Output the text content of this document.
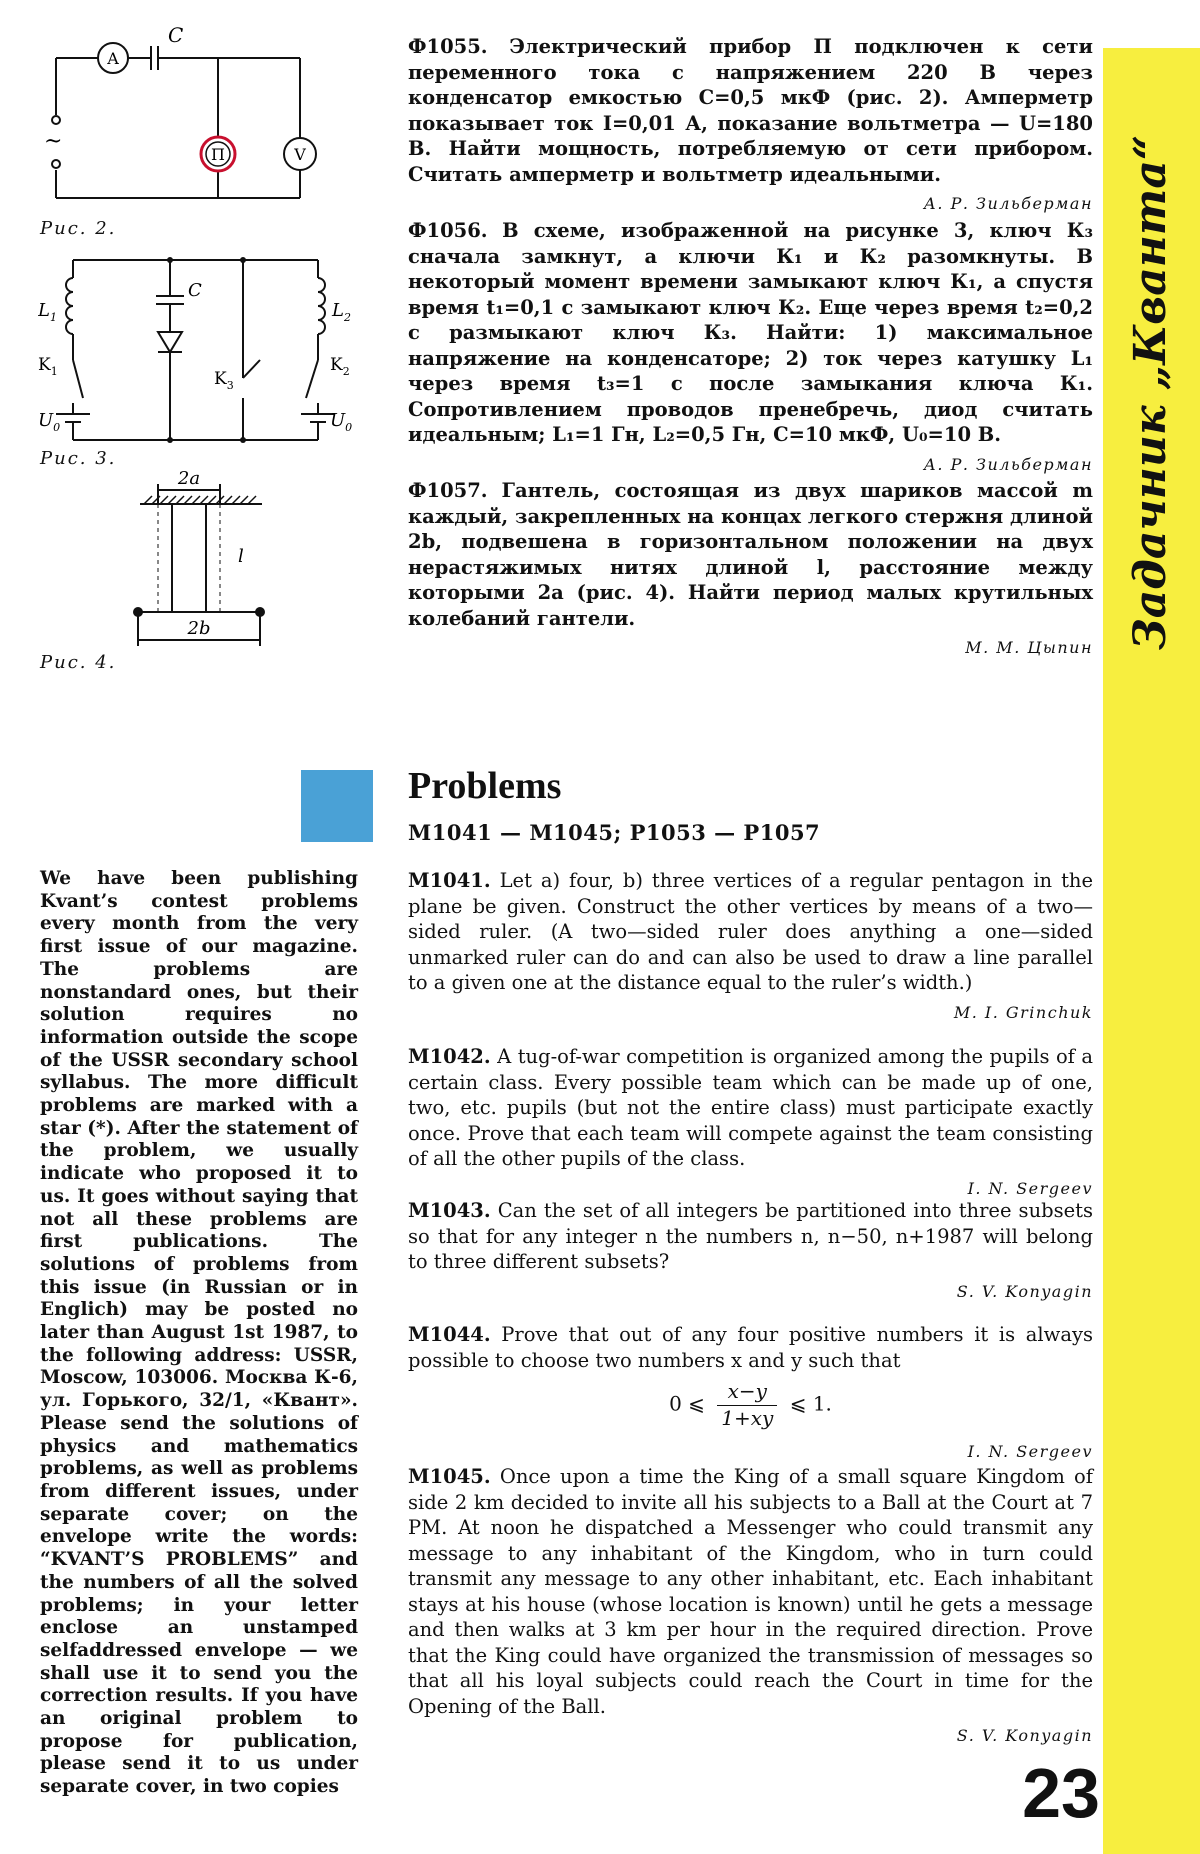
Задачник „Кванта“
23
A
C
П	V
~
Рис. 2.
$L_1$
C
$L_2$
$K_1$	$K_3$
$K_2$
$U_0$	$U_0$
Рис. 3.
2a
l
2b
Рис. 4.
Ф1055. Электрический прибор П подключен к сети переменного тока с напряжением 220 В через конденсатор емкостью C=0,5 мкФ (рис. 2). Амперметр показывает ток I=0,01 А, показание вольтметра — U=180 В. Найти мощность, потребляемую от сети прибором. Считать амперметр и вольтметр идеальными.
А. Р. Зильберман
Ф1056. В схеме, изображенной на рисунке 3, ключ К₃ сначала замкнут, а ключи К₁ и К₂ разомкнуты. В некоторый момент времени замыкают ключ К₁, а спустя время t₁=0,1 с замыкают ключ К₂. Еще через время t₂=0,2 с размыкают ключ К₃. Найти: 1) максимальное напряжение на конденсаторе; 2) ток через катушку L₁ через время t₃=1 с после замыкания ключа К₁. Сопротивлением проводов пренебречь, диод считать идеальным; L₁=1 Гн, L₂=0,5 Гн, C=10 мкФ, U₀=10 В.
А. Р. Зильберман
Ф1057. Гантель, состоящая из двух шариков массой m каждый, закрепленных на концах легкого стержня длиной 2b, подвешена в горизонтальном положении на двух нерастяжимых нитях длиной l, расстояние между которыми 2a (рис. 4). Найти период малых крутильных колебаний гантели.
М. М. Цыпин
Problems
M1041 — M1045; P1053 — P1057
We have been publishing Kvant’s contest problems every month from the very first issue of our magazine. The problems are nonstandard ones, but their solution requires no information outside the scope of the USSR secondary school syllabus. The more difficult problems are marked with a star (*). After the statement of the problem, we usually indicate who proposed it to us. It goes without saying that not all these problems are first publications. The solutions of problems from this issue (in Russian or in Englich) may be posted no later than August 1st 1987, to the following address: USSR, Moscow, 103006. Москва К-6, ул. Горького, 32/1, «Квант». Please send the solutions of physics and mathematics problems, as well as problems from different issues, under separate cover; on the envelope write the words: “KVANT’S PROBLEMS” and the numbers of all the solved problems; in your letter enclose an unstamped selfaddressed envelope — we shall use it to send you the correction results. If you have an original problem to propose for publication, please send it to us under separate cover, in two copies
M1041. Let a) four, b) three vertices of a regular pentagon in the plane be given. Construct the other vertices by means of a two—sided ruler. (A two—sided ruler does anything a one—sided unmarked ruler can do and can also be used to draw a line parallel to a given one at the distance equal to the ruler’s width.)
M. I. Grinchuk
M1042. A tug-of-war competition is organized among the pupils of a certain class. Every possible team which can be made up of one, two, etc. pupils (but not the entire class) must participate exactly once. Prove that each team will compete against the team consisting of all the other pupils of the class.
I. N. Sergeev
M1043. Can the set of all integers be partitioned into three subsets so that for any integer n the numbers n, n−50, n+1987 will belong to three different subsets?
S. V. Konyagin
M1044. Prove that out of any four positive numbers it is always possible to choose two numbers x and y such that
0 ⩽ $\frac{x-y}{1+xy}$ ⩽ 1.
I. N. Sergeev
M1045. Once upon a time the King of a small square Kingdom of side 2 km decided to invite all his subjects to a Ball at the Court at 7 PM. At noon he dispatched a Messenger who could transmit any message to any inhabitant of the Kingdom, who in turn could transmit any message to any other inhabitant, etc. Each inhabitant stays at his house (whose location is known) until he gets a message and then walks at 3 km per hour in the required direction. Prove that the King could have organized the transmission of messages so that all his loyal subjects could reach the Court in time for the Opening of the Ball.
S. V. Konyagin
